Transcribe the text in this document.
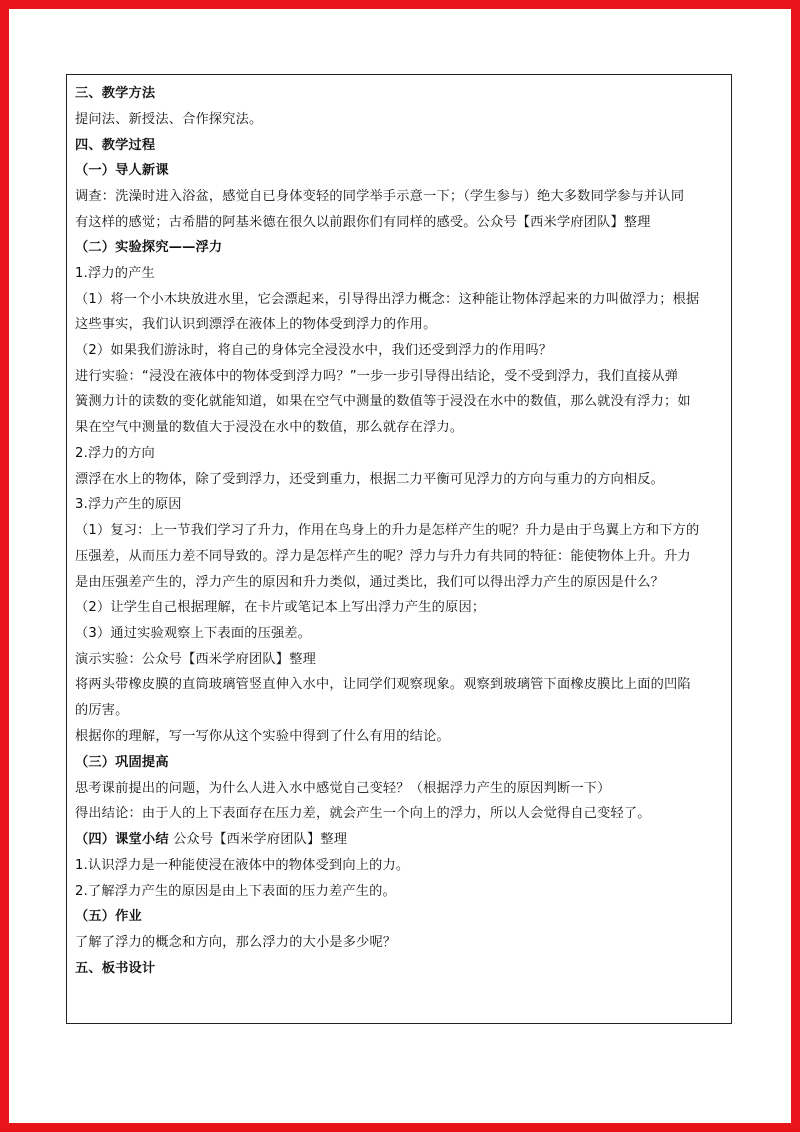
三、教学方法
提问法、新授法、合作探究法。
四、教学过程
（一）导人新课
调查：洗澡时进入浴盆，感觉自已身体变轻的同学举手示意一下；（学生参与）绝大多数同学参与并认同
有这样的感觉；古希腊的阿基米德在很久以前跟你们有同样的感受。公众号【西米学府团队】整理
（二）实验探究——浮力
1.浮力的产生
（1）将一个小木块放进水里，它会漂起来，引导得出浮力概念：这种能让物体浮起来的力叫做浮力；根据
这些事实，我们认识到漂浮在液体上的物体受到浮力的作用。
（2）如果我们游泳时，将自己的身体完全浸没水中，我们还受到浮力的作用吗？
进行实验：“浸没在液体中的物体受到浮力吗？”一步一步引导得出结论，受不受到浮力，我们直接从弹
簧测力计的读数的变化就能知道，如果在空气中测量的数值等于浸没在水中的数值，那么就没有浮力；如
果在空气中测量的数值大于浸没在水中的数值，那么就存在浮力。
2.浮力的方向
漂浮在水上的物体，除了受到浮力，还受到重力，根据二力平衡可见浮力的方向与重力的方向相反。
3.浮力产生的原因
（1）复习：上一节我们学习了升力，作用在鸟身上的升力是怎样产生的呢？升力是由于鸟翼上方和下方的
压强差，从而压力差不同导致的。浮力是怎样产生的呢？浮力与升力有共同的特征：能使物体上升。升力
是由压强差产生的，浮力产生的原因和升力类似，通过类比，我们可以得出浮力产生的原因是什么？
（2）让学生自己根据理解，在卡片或笔记本上写出浮力产生的原因；
（3）通过实验观察上下表面的压强差。
演示实验：公众号【西米学府团队】整理
将两头带橡皮膜的直筒玻璃管竖直伸入水中，让同学们观察现象。观察到玻璃管下面橡皮膜比上面的凹陷
的厉害。
根据你的理解，写一写你从这个实验中得到了什么有用的结论。
（三）巩固提高
思考课前提出的问题，为什么人进入水中感觉自己变轻？（根据浮力产生的原因判断一下）
得出结论：由于人的上下表面存在压力差，就会产生一个向上的浮力，所以人会觉得自己变轻了。
（四）课堂小结 公众号【西米学府团队】整理
1.认识浮力是一种能使浸在液体中的物体受到向上的力。
2.了解浮力产生的原因是由上下表面的压力差产生的。
（五）作业
了解了浮力的概念和方向，那么浮力的大小是多少呢？
五、板书设计
